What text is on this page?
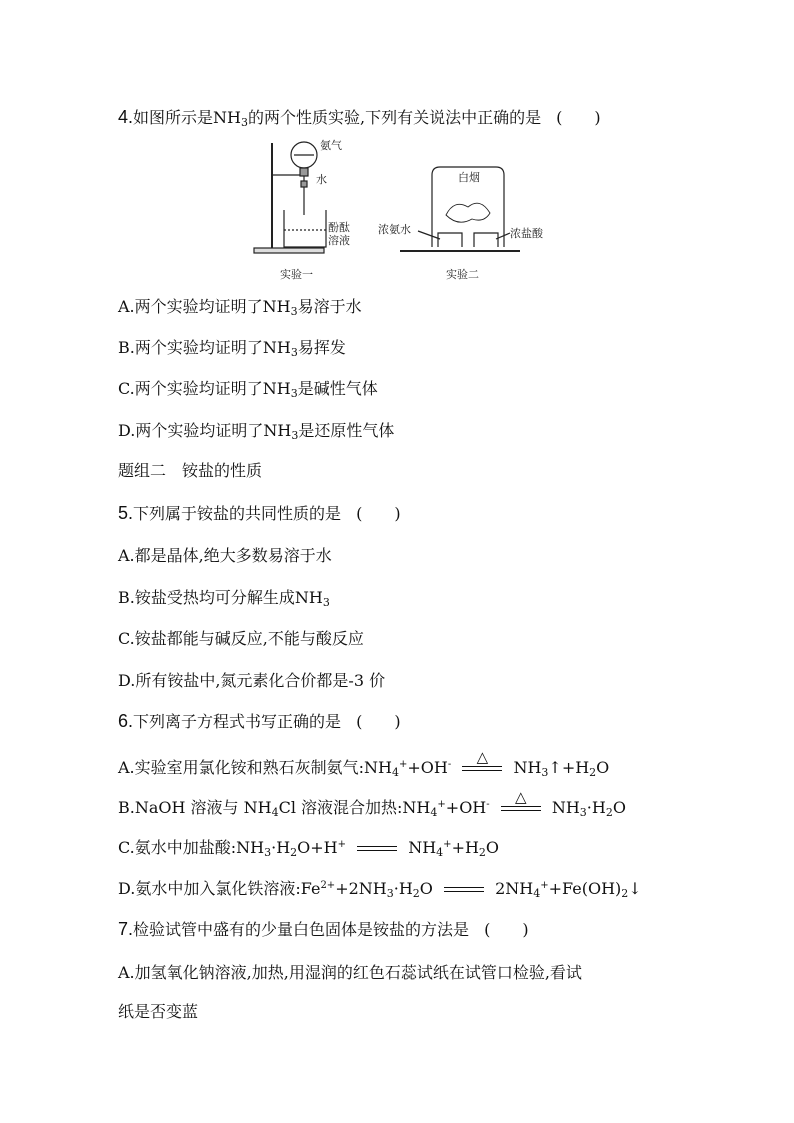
4.如图所示是$NH_3$的两个性质实验,下列有关说法中正确的是 (　　)
氨气
水
酚酞
溶液
实验一
白烟
浓氨水	浓盐酸
实验二
A.两个实验均证明了$NH_3$易溶于水
B.两个实验均证明了$NH_3$易挥发
C.两个实验均证明了$NH_3$是碱性气体
D.两个实验均证明了$NH_3$是还原性气体
题组二　铵盐的性质
5.下列属于铵盐的共同性质的是 (　　)
A.都是晶体,绝大多数易溶于水
B.铵盐受热均可分解生成$NH_3$
C.铵盐都能与碱反应,不能与酸反应
D.所有铵盐中,氮元素化合价都是-3 价
6.下列离子方程式书写正确的是 (　　)
A.实验室用氯化铵和熟石灰制氨气$:NH_4^++OH^-$ △
$NH_3↑+H_2O$
B.NaOH 溶液与 $NH_4Cl$ 溶液混合加热$:NH_4^++OH^-$ △
$NH_3\cdot H_2O$
C.氨水中加盐酸$:NH_3\cdot H_2O+H^+$	$NH_4^++H_2O$
D.氨水中加入氯化铁溶液$:Fe^{2+}+2NH_3\cdot H_2O$	$2NH_4^++Fe(OH)_2↓$
7.检验试管中盛有的少量白色固体是铵盐的方法是 (　　)
A.加氢氧化钠溶液,加热,用湿润的红色石蕊试纸在试管口检验,看试
纸是否变蓝
